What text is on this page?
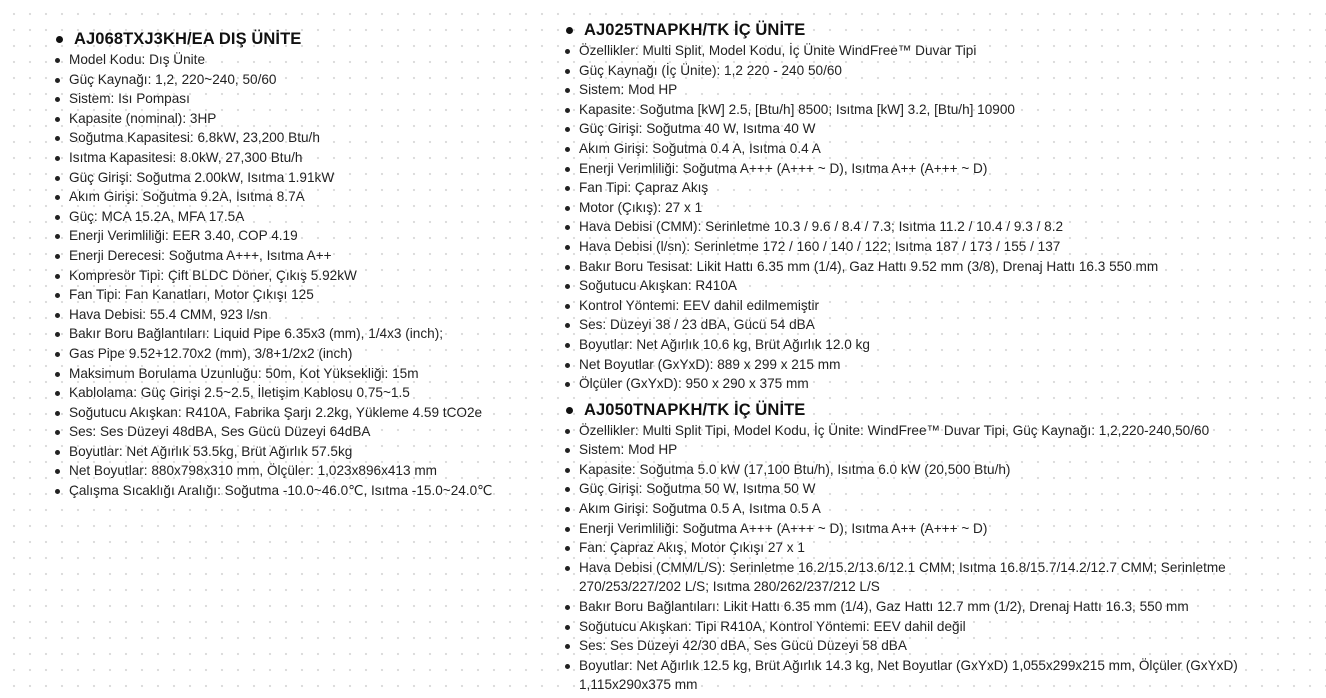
AJ068TXJ3KH/EA DIŞ ÜNİTE
Model Kodu: Dış Ünite
Güç Kaynağı: 1,2, 220~240, 50/60
Sistem: Isı Pompası
Kapasite (nominal): 3HP
Soğutma Kapasitesi: 6.8kW, 23,200 Btu/h
Isıtma Kapasitesi: 8.0kW, 27,300 Btu/h
Güç Girişi: Soğutma 2.00kW, Isıtma 1.91kW
Akım Girişi: Soğutma 9.2A, Isıtma 8.7A
Güç: MCA 15.2A, MFA 17.5A
Enerji Verimliliği: EER 3.40, COP 4.19
Enerji Derecesi: Soğutma A+++, Isıtma A++
Kompresör Tipi: Çift BLDC Döner, Çıkış 5.92kW
Fan Tipi: Fan Kanatları, Motor Çıkışı 125
Hava Debisi: 55.4 CMM, 923 l/sn
Bakır Boru Bağlantıları: Liquid Pipe 6.35x3 (mm), 1/4x3 (inch);
Gas Pipe 9.52+12.70x2 (mm), 3/8+1/2x2 (inch)
Maksimum Borulama Uzunluğu: 50m, Kot Yüksekliği: 15m
Kablolama: Güç Girişi 2.5~2.5, İletişim Kablosu 0.75~1.5
Soğutucu Akışkan: R410A, Fabrika Şarjı 2.2kg, Yükleme 4.59 tCO2e
Ses: Ses Düzeyi 48dBA, Ses Gücü Düzeyi 64dBA
Boyutlar: Net Ağırlık 53.5kg, Brüt Ağırlık 57.5kg
Net Boyutlar: 880x798x310 mm, Ölçüler: 1,023x896x413 mm
Çalışma Sıcaklığı Aralığı: Soğutma -10.0~46.0℃, Isıtma -15.0~24.0℃
AJ025TNAPKH/TK İÇ ÜNİTE
Özellikler: Multi Split, Model Kodu, İç Ünite WindFree™ Duvar Tipi
Güç Kaynağı (İç Ünite): 1,2 220 - 240 50/60
Sistem: Mod HP
Kapasite: Soğutma [kW] 2.5, [Btu/h] 8500; Isıtma [kW] 3.2, [Btu/h] 10900
Güç Girişi: Soğutma 40 W, Isıtma 40 W
Akım Girişi: Soğutma 0.4 A, Isıtma 0.4 A
Enerji Verimliliği: Soğutma A+++ (A+++ ~ D), Isıtma A++ (A+++ ~ D)
Fan Tipi: Çapraz Akış
Motor (Çıkış): 27 x 1
Hava Debisi (CMM): Serinletme 10.3 / 9.6 / 8.4 / 7.3; Isıtma 11.2 / 10.4 / 9.3 / 8.2
Hava Debisi (l/sn): Serinletme 172 / 160 / 140 / 122; Isıtma 187 / 173 / 155 / 137
Bakır Boru Tesisat: Likit Hattı 6.35 mm (1/4), Gaz Hattı 9.52 mm (3/8), Drenaj Hattı 16.3 550 mm
Soğutucu Akışkan: R410A
Kontrol Yöntemi: EEV dahil edilmemiştir
Ses: Düzeyi 38 / 23 dBA, Gücü 54 dBA
Boyutlar: Net Ağırlık 10.6 kg, Brüt Ağırlık 12.0 kg
Net Boyutlar (GxYxD): 889 x 299 x 215 mm
Ölçüler (GxYxD): 950 x 290 x 375 mm
AJ050TNAPKH/TK İÇ ÜNİTE
Özellikler: Multi Split Tipi, Model Kodu, İç Ünite: WindFree™ Duvar Tipi, Güç Kaynağı: 1,2,220-240,50/60
Sistem: Mod HP
Kapasite: Soğutma 5.0 kW (17,100 Btu/h), Isıtma 6.0 kW (20,500 Btu/h)
Güç Girişi: Soğutma 50 W, Isıtma 50 W
Akım Girişi: Soğutma 0.5 A, Isıtma 0.5 A
Enerji Verimliliği: Soğutma A+++ (A+++ ~ D), Isıtma A++ (A+++ ~ D)
Fan: Çapraz Akış, Motor Çıkışı 27 x 1
Hava Debisi (CMM/L/S): Serinletme 16.2/15.2/13.6/12.1 CMM; Isıtma 16.8/15.7/14.2/12.7 CMM; Serinletme 270/253/227/202 L/S; Isıtma 280/262/237/212 L/S
Bakır Boru Bağlantıları: Likit Hattı 6.35 mm (1/4), Gaz Hattı 12.7 mm (1/2), Drenaj Hattı 16.3, 550 mm
Soğutucu Akışkan: Tipi R410A, Kontrol Yöntemi: EEV dahil değil
Ses: Ses Düzeyi 42/30 dBA, Ses Gücü Düzeyi 58 dBA
Boyutlar: Net Ağırlık 12.5 kg, Brüt Ağırlık 14.3 kg, Net Boyutlar (GxYxD) 1,055x299x215 mm, Ölçüler (GxYxD) 1,115x290x375 mm
